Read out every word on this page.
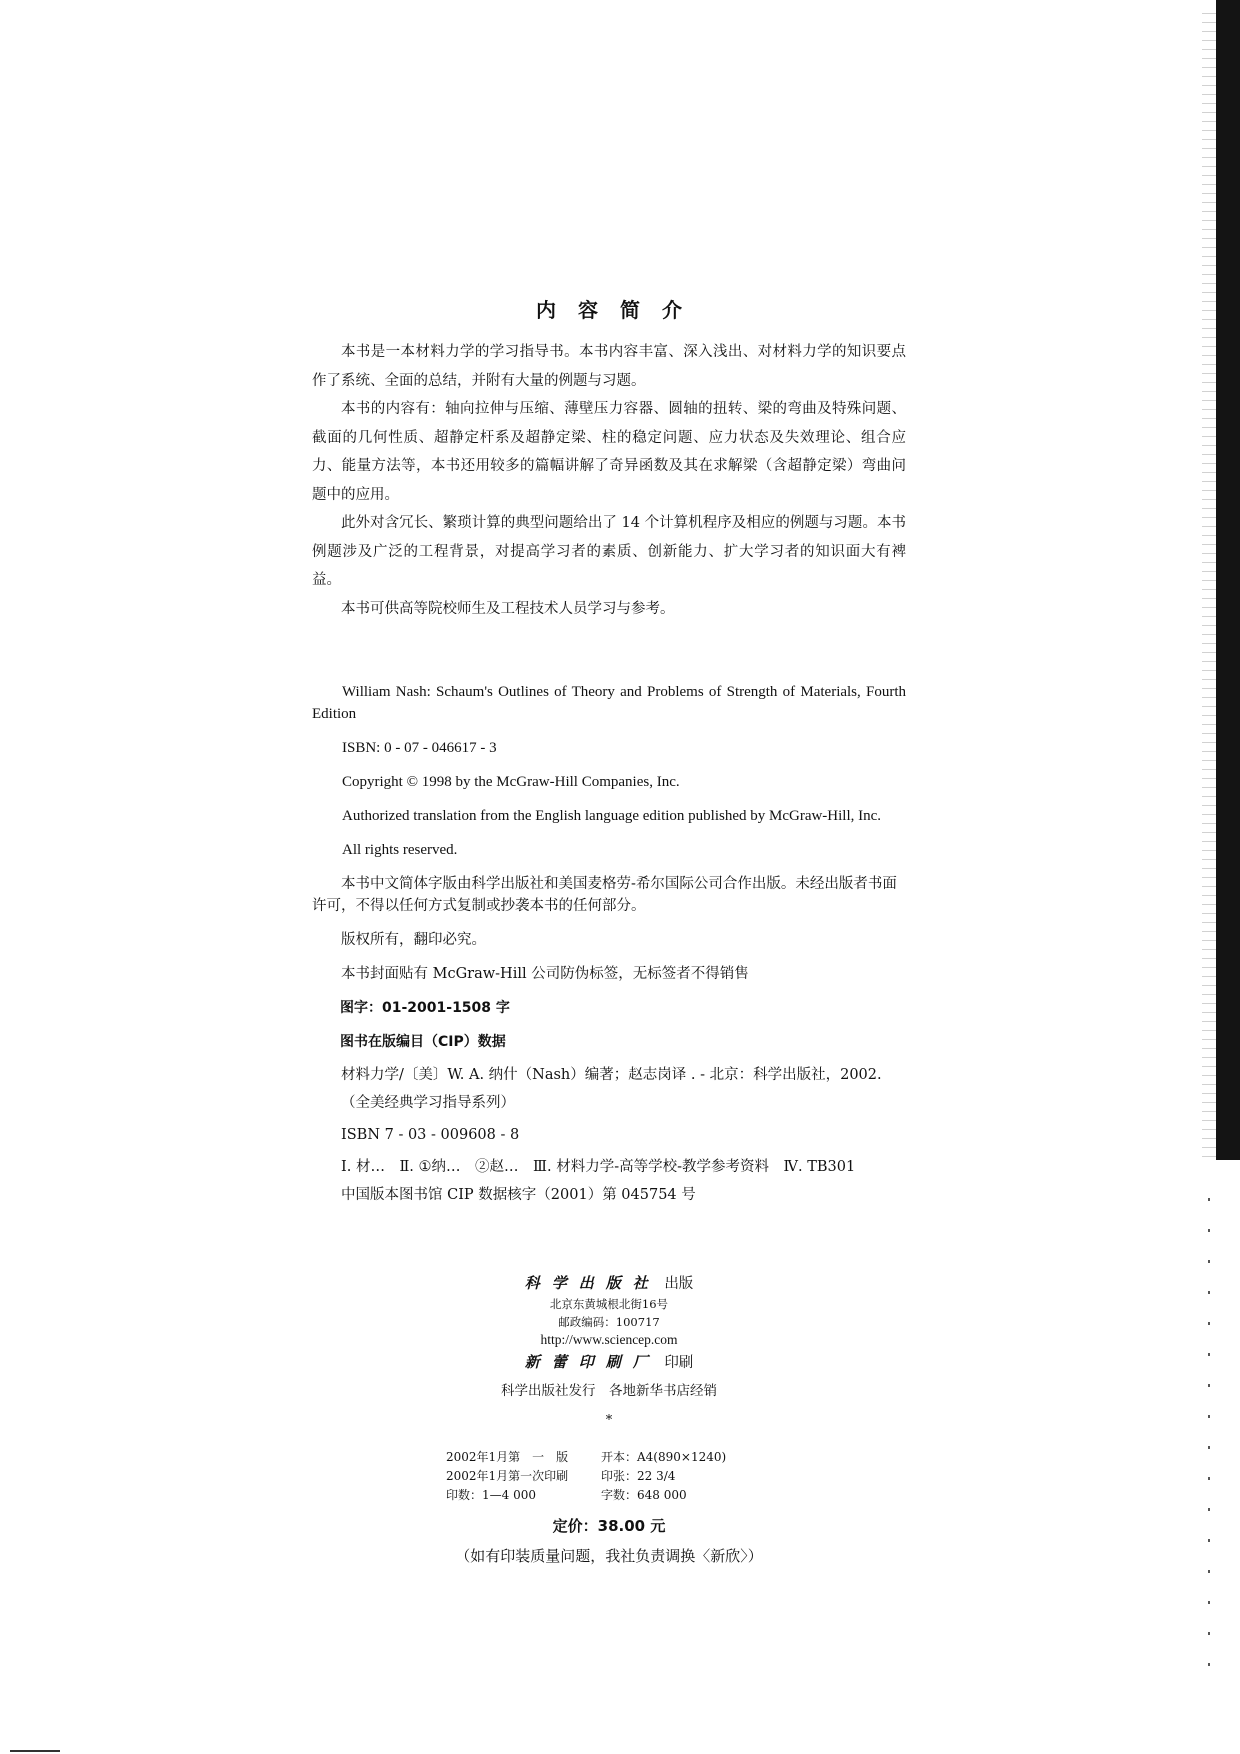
内容简介

本书是一本材料力学的学习指导书。本书内容丰富、深入浅出、对材料力学的知识要点作了系统、全面的总结，并附有大量的例题与习题。

本书的内容有：轴向拉伸与压缩、薄壁压力容器、圆轴的扭转、梁的弯曲及特殊问题、截面的几何性质、超静定杆系及超静定梁、柱的稳定问题、应力状态及失效理论、组合应力、能量方法等，本书还用较多的篇幅讲解了奇异函数及其在求解梁（含超静定梁）弯曲问题中的应用。

此外对含冗长、繁琐计算的典型问题给出了 14 个计算机程序及相应的例题与习题。本书例题涉及广泛的工程背景，对提高学习者的素质、创新能力、扩大学习者的知识面大有裨益。

本书可供高等院校师生及工程技术人员学习与参考。

William Nash: Schaum's Outlines of Theory and Problems of Strength of Materials, Fourth Edition

ISBN: 0 - 07 - 046617 - 3

Copyright © 1998 by the McGraw-Hill Companies, Inc.

Authorized translation from the English language edition published by McGraw-Hill, Inc.

All rights reserved.

本书中文简体字版由科学出版社和美国麦格劳-希尔国际公司合作出版。未经出版者书面许可，不得以任何方式复制或抄袭本书的任何部分。

版权所有，翻印必究。

本书封面贴有 McGraw-Hill 公司防伪标签，无标签者不得销售

图字：01-2001-1508 字

图书在版编目（CIP）数据

材料力学/〔美〕W. A. 纳什（Nash）编著；赵志岗译 . - 北京：科学出版社，2002.

（全美经典学习指导系列）

ISBN 7 - 03 - 009608 - 8

Ⅰ. 材…　Ⅱ. ①纳…　②赵…　Ⅲ. 材料力学-高等学校-教学参考资料　Ⅳ. TB301

中国版本图书馆 CIP 数据核字（2001）第 045754 号

科学出版社 出版
北京东黄城根北街16号
邮政编码：100717
http://www.sciencep.com
新蕾印刷厂 印刷
科学出版社发行　各地新华书店经销
*
2002年1月第　一　版	开本：A4(890×1240)
2002年1月第一次印刷	印张：22 3/4
印数：1—4 000	字数：648 000
定价：38.00 元
（如有印装质量问题，我社负责调换〈新欣〉）
